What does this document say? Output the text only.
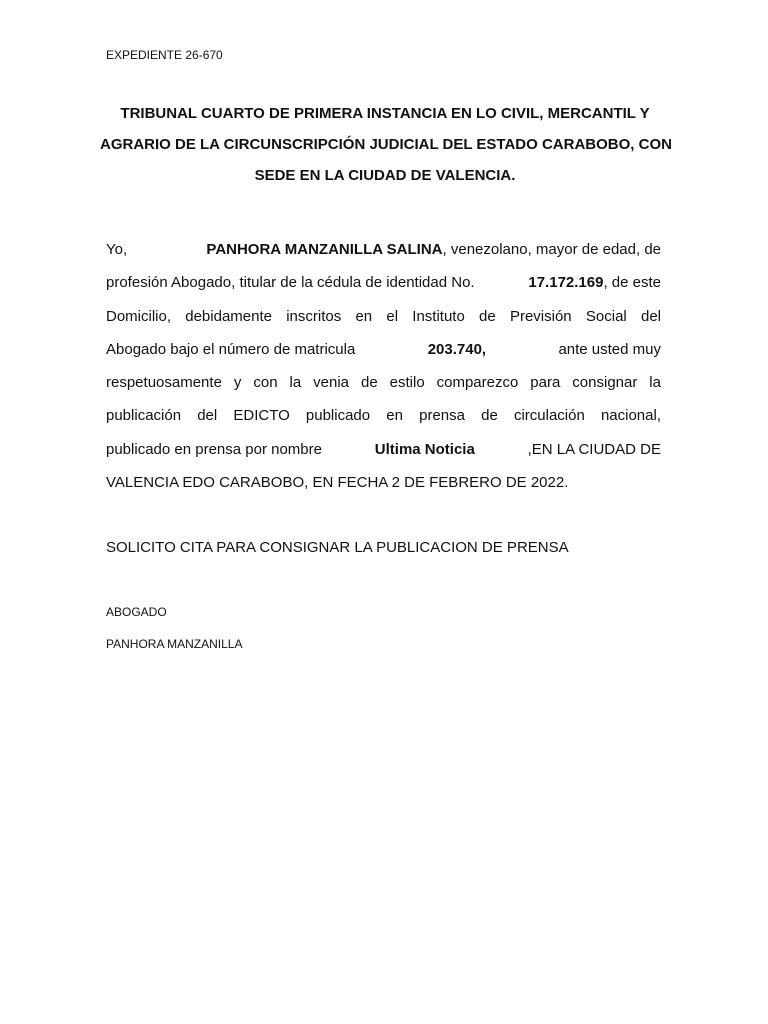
EXPEDIENTE 26-670
TRIBUNAL CUARTO DE PRIMERA INSTANCIA EN LO CIVIL, MERCANTIL Y
AGRARIO DE LA CIRCUNSCRIPCIÓN JUDICIAL DEL ESTADO CARABOBO, CON
SEDE EN LA CIUDAD DE VALENCIA.
Yo,	PANHORA MANZANILLA SALINA, venezolano, mayor de edad, de
profesión Abogado, titular de la cédula de identidad No.	17.172.169, de este
Domicilio, debidamente inscritos en el Instituto de Previsión Social del
Abogado bajo el número de matricula	203.740,	ante usted muy
respetuosamente y con la venia de estilo comparezco para consignar la
publicación del EDICTO publicado en prensa de circulación nacional,
publicado en prensa por nombre	Ultima Noticia	,EN LA CIUDAD DE
VALENCIA EDO CARABOBO, EN FECHA 2 DE FEBRERO DE 2022.
SOLICITO CITA PARA CONSIGNAR LA PUBLICACION DE PRENSA
ABOGADO
PANHORA MANZANILLA
